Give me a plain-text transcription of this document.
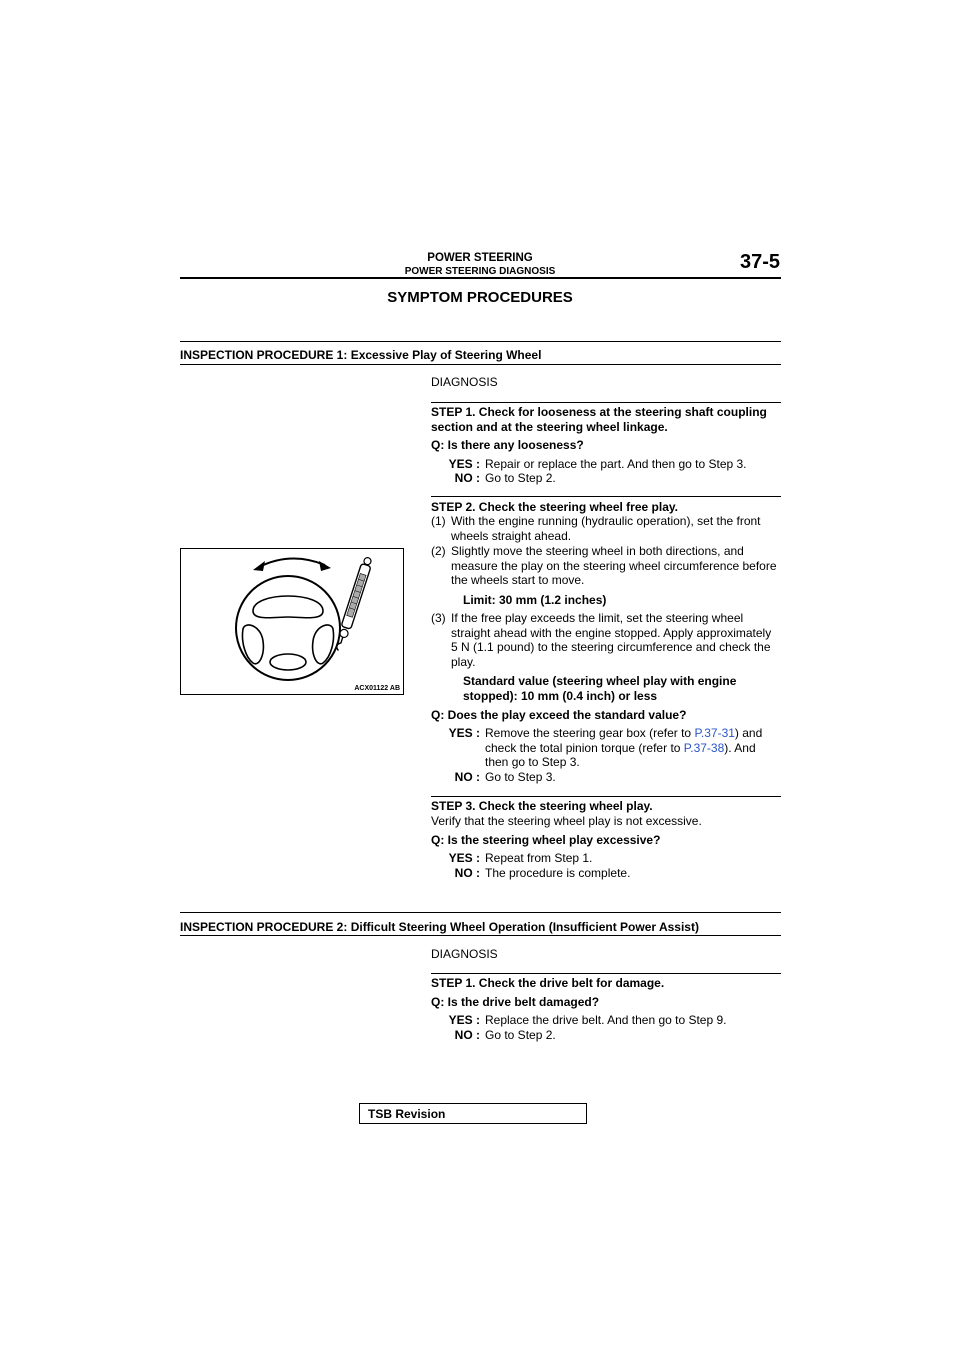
POWER STEERING
POWER STEERING DIAGNOSIS	37-5
SYMPTOM PROCEDURES
INSPECTION PROCEDURE 1: Excessive Play of Steering Wheel
DIAGNOSIS
STEP 1. Check for looseness at the steering shaft coupling section and at the steering wheel linkage.
Q: Is there any looseness?
YES : Repair or replace the part. And then go to Step 3.
NO : Go to Step 2.
STEP 2. Check the steering wheel free play.
(1) With the engine running (hydraulic operation), set the front wheels straight ahead.
(2) Slightly move the steering wheel in both directions, and measure the play on the steering wheel circumference before the wheels start to move.
Limit: 30 mm (1.2 inches)
(3) If the free play exceeds the limit, set the steering wheel straight ahead with the engine stopped. Apply approximately 5 N (1.1 pound) to the steering circumference and check the play.
Standard value (steering wheel play with engine stopped): 10 mm (0.4 inch) or less
Q: Does the play exceed the standard value?
YES : Remove the steering gear box (refer to P.37-31) and check the total pinion torque (refer to P.37-38). And then go to Step 3.
NO : Go to Step 3.
STEP 3. Check the steering wheel play.
Verify that the steering wheel play is not excessive.
Q: Is the steering wheel play excessive?
YES : Repeat from Step 1.
NO : The procedure is complete.
ACX01122 AB
INSPECTION PROCEDURE 2: Difficult Steering Wheel Operation (Insufficient Power Assist)
DIAGNOSIS
STEP 1. Check the drive belt for damage.
Q: Is the drive belt damaged?
YES : Replace the drive belt. And then go to Step 9.
NO : Go to Step 2.
TSB Revision
